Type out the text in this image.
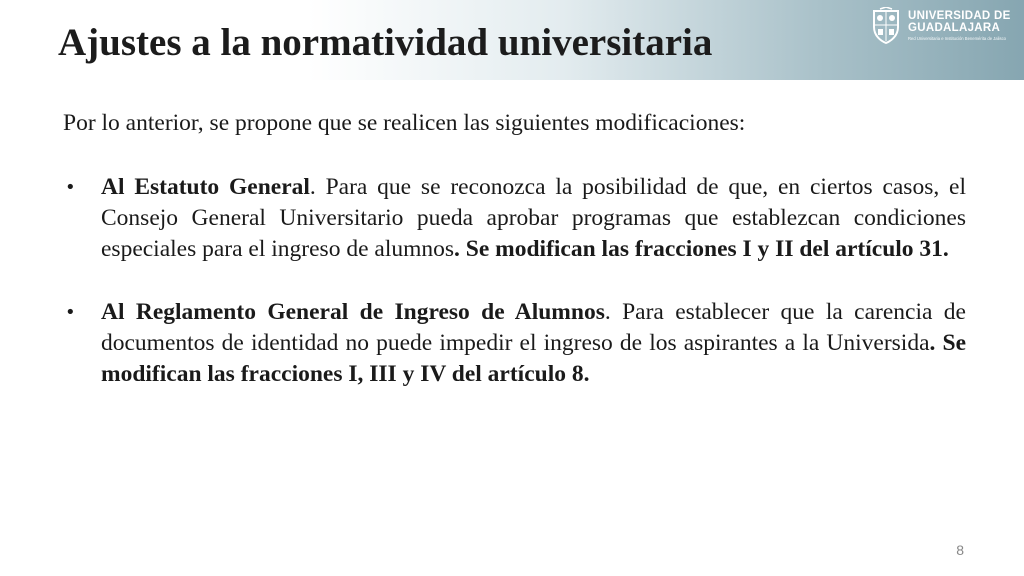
Ajustes a la normatividad universitaria
UNIVERSIDAD DE
GUADALAJARA
Red Universitaria e Institución Benemérita de Jalisco

Por lo anterior, se propone que se realicen las siguientes modificaciones:

• Al Estatuto General. Para que se reconozca la posibilidad de que, en ciertos casos, el Consejo General Universitario pueda aprobar programas que establezcan condiciones especiales para el ingreso de alumnos. Se modifican las fracciones I y II del artículo 31.

• Al Reglamento General de Ingreso de Alumnos. Para establecer que la carencia de documentos de identidad no puede impedir el ingreso de los aspirantes a la Universida. Se modifican las fracciones I, III y IV del artículo 8.

8
